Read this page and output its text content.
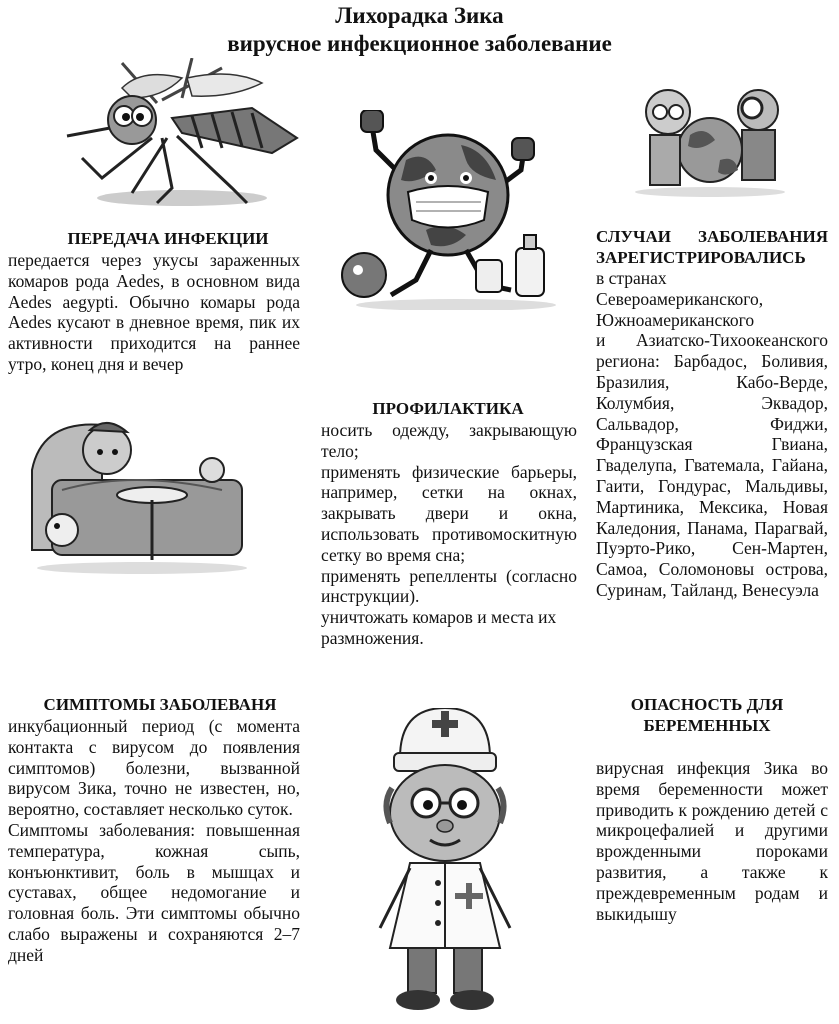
Лихорадка Зика
вирусное инфекционное заболевание
ПЕРЕДАЧА ИНФЕКЦИИ
передается через укусы зараженных комаров рода Aedes, в основном вида Aedes aegypti. Обычно комары рода Aedes кусают в дневное время, пик их активности приходится на раннее утро, конец дня и вечер
ПРОФИЛАКТИКА
носить одежду, закрывающую тело;
применять физические барьеры, например, сетки на окнах, закрывать двери и окна, использовать противомоскитную сетку во время сна;
применять репелленты (согласно инструкции).
уничтожать комаров и места их размножения.
СЛУЧАИ ЗАБОЛЕВАНИЯ ЗАРЕГИСТРИРОВАЛИСЬ
в странах
Североамериканского,
Южноамериканского
и Азиатско-Тихоокеанского региона: Барбадос, Боливия, Бразилия, Кабо-Верде, Колумбия, Эквадор, Сальвадор, Фиджи, Французская Гвиана, Гваделупа, Гватемала, Гайана, Гаити, Гондурас, Мальдивы, Мартиника, Мексика, Новая Каледония, Панама, Парагвай, Пуэрто-Рико, Сен-Мартен, Самоа, Соломоновы острова, Суринам, Тайланд, Венесуэла
СИМПТОМЫ ЗАБОЛЕВАНЯ
инкубационный период (с момента контакта с вирусом до появления симптомов) болезни, вызванной вирусом Зика, точно не известен, но, вероятно, составляет несколько суток.
Симптомы заболевания: повышенная температура, кожная сыпь, конъюнктивит, боль в мышцах и суставах, общее недомогание и головная боль. Эти симптомы обычно слабо выражены и сохраняются 2–7 дней
ОПАСНОСТЬ ДЛЯ
БЕРЕМЕННЫХ
вирусная инфекция Зика во время беременности может приводить к рождению детей с микроцефалией и другими врожденными пороками развития, а также к преждевременным родам и выкидышу
